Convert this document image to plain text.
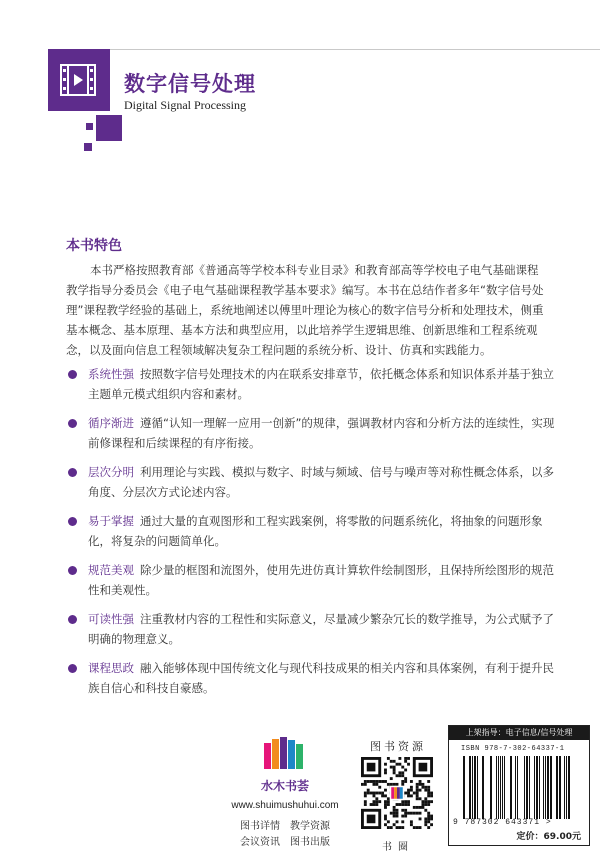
数字信号处理
Digital Signal Processing
本书特色

本书严格按照教育部《普通高等学校本科专业目录》和教育部高等学校电子电气基础课程教学指导分委员会《电子电气基础课程教学基本要求》编写。本书在总结作者多年“数字信号处理”课程教学经验的基础上，系统地阐述以傅里叶理论为核心的数字信号分析和处理技术，侧重基本概念、基本原理、基本方法和典型应用，以此培养学生逻辑思维、创新思维和工程系统观念，以及面向信息工程领域解决复杂工程问题的系统分析、设计、仿真和实践能力。

系统性强 按照数字信号处理技术的内在联系安排章节，依托概念体系和知识体系并基于独立主题单元模式组织内容和素材。
循序渐进 遵循“认知一理解一应用一创新”的规律，强调教材内容和分析方法的连续性，实现前修课程和后续课程的有序衔接。
层次分明 利用理论与实践、模拟与数字、时域与频域、信号与噪声等对称性概念体系，以多角度、分层次方式论述内容。
易于掌握 通过大量的直观图形和工程实践案例，将零散的问题系统化，将抽象的问题形象化，将复杂的问题简单化。
规范美观 除少量的框图和流图外，使用先进仿真计算软件绘制图形，且保持所绘图形的规范性和美观性。
可读性强 注重教材内容的工程性和实际意义，尽量减少繁杂冗长的数学推导，为公式赋予了明确的物理意义。
课程思政 融入能够体现中国传统文化与现代科技成果的相关内容和具体案例，有利于提升民族自信心和科技自豪感。
水木书荟
www.shuimushuhui.com
图书详情　教学资源
会议资讯　图书出版
图书资源
书圈
上架指导：电子信息/信号处理
ISBN 978-7-302-64337-1
9 787302 643371 >
定价：69.00元
